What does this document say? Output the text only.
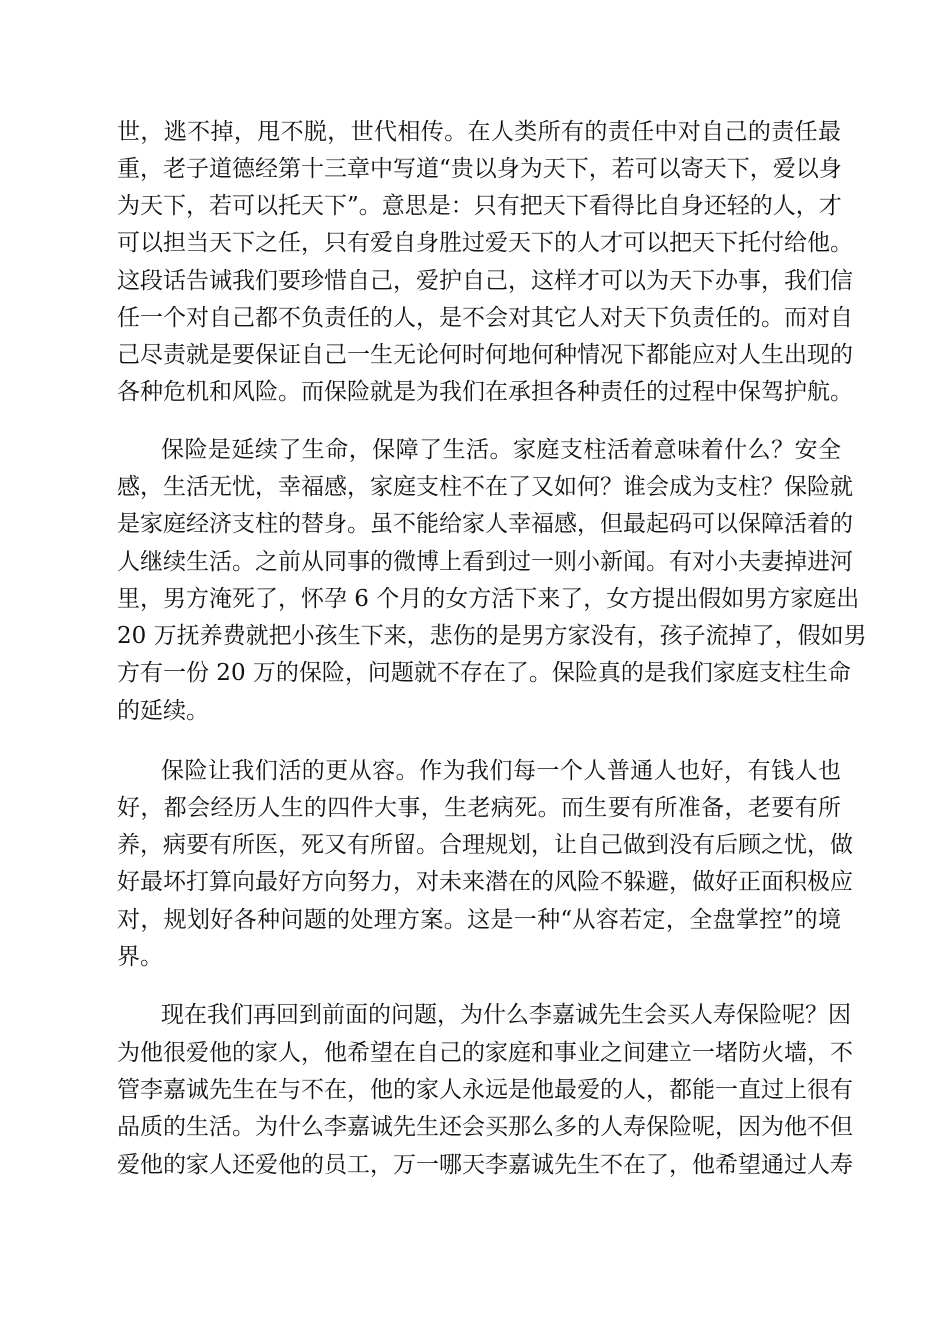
世，逃不掉，甩不脱，世代相传。在人类所有的责任中对自己的责任最

重，老子道德经第十三章中写道“贵以身为天下，若可以寄天下，爱以身

为天下，若可以托天下”。意思是：只有把天下看得比自身还轻的人，才

可以担当天下之任，只有爱自身胜过爱天下的人才可以把天下托付给他。

这段话告诫我们要珍惜自己，爱护自己，这样才可以为天下办事，我们信

任一个对自己都不负责任的人，是不会对其它人对天下负责任的。而对自

己尽责就是要保证自己一生无论何时何地何种情况下都能应对人生出现的

各种危机和风险。而保险就是为我们在承担各种责任的过程中保驾护航。

保险是延续了生命，保障了生活。家庭支柱活着意味着什么？安全

感，生活无忧，幸福感，家庭支柱不在了又如何？谁会成为支柱？保险就

是家庭经济支柱的替身。虽不能给家人幸福感，但最起码可以保障活着的

人继续生活。之前从同事的微博上看到过一则小新闻。有对小夫妻掉进河

里，男方淹死了，怀孕 6 个月的女方活下来了，女方提出假如男方家庭出

20 万抚养费就把小孩生下来，悲伤的是男方家没有，孩子流掉了，假如男

方有一份 20 万的保险，问题就不存在了。保险真的是我们家庭支柱生命

的延续。

保险让我们活的更从容。作为我们每一个人普通人也好，有钱人也

好，都会经历人生的四件大事，生老病死。而生要有所准备，老要有所

养，病要有所医，死又有所留。合理规划，让自己做到没有后顾之忧，做

好最坏打算向最好方向努力，对未来潜在的风险不躲避，做好正面积极应

对，规划好各种问题的处理方案。这是一种“从容若定，全盘掌控”的境

界。

现在我们再回到前面的问题，为什么李嘉诚先生会买人寿保险呢？因

为他很爱他的家人，他希望在自己的家庭和事业之间建立一堵防火墙，不

管李嘉诚先生在与不在，他的家人永远是他最爱的人，都能一直过上很有

品质的生活。为什么李嘉诚先生还会买那么多的人寿保险呢，因为他不但

爱他的家人还爱他的员工，万一哪天李嘉诚先生不在了，他希望通过人寿
